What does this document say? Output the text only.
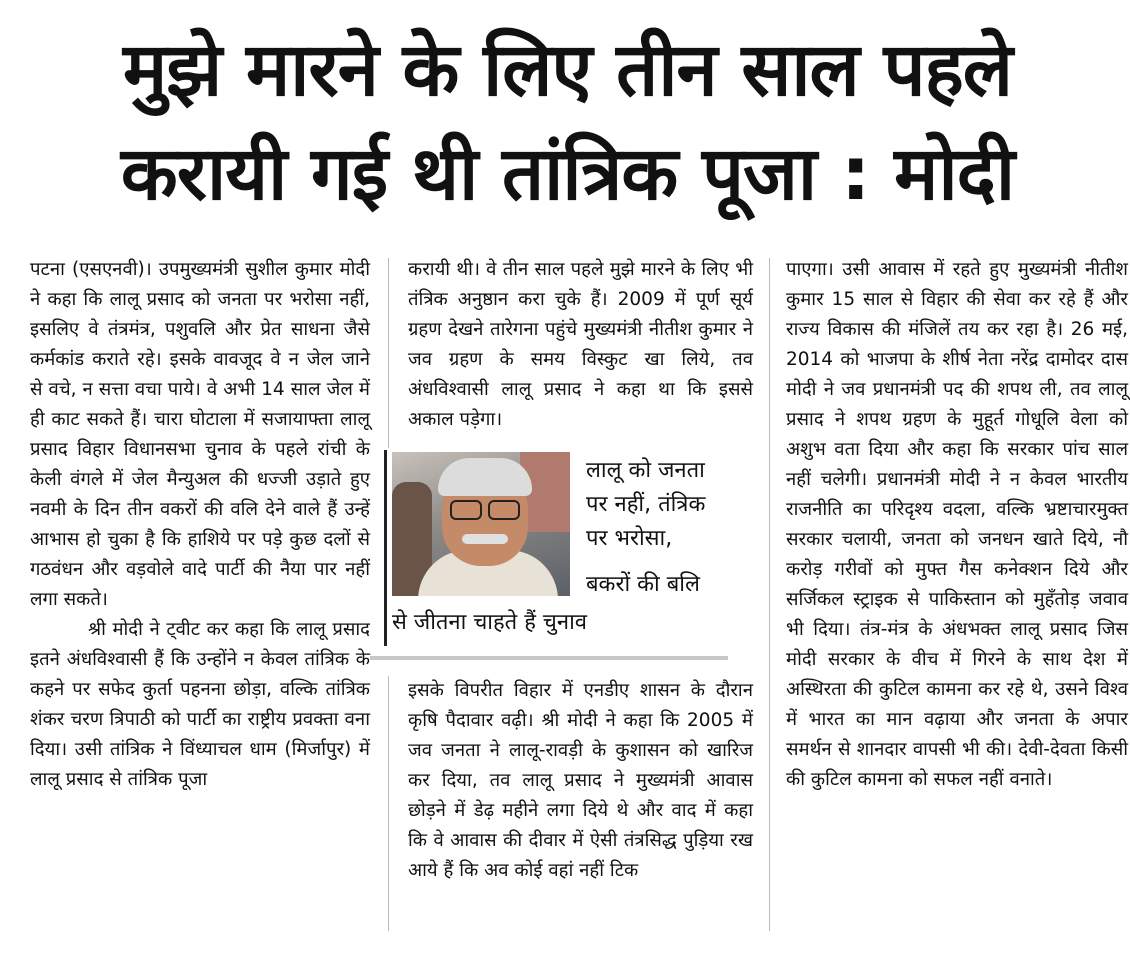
मुझे मारने के लिए तीन साल पहले
करायी गई थी तांत्रिक पूजा : मोदी

पटना (एसएनवी)। उपमुख्यमंत्री सुशील कुमार मोदी ने कहा कि लालू प्रसाद को जनता पर भरोसा नहीं, इसलिए वे तंत्रमंत्र, पशुवलि और प्रेत साधना जैसे कर्मकांड कराते रहे। इसके वावजूद वे न जेल जाने से वचे, न सत्ता वचा पाये। वे अभी 14 साल जेल में ही काट सकते हैं। चारा घोटाला में सजायाफ्ता लालू प्रसाद विहार विधानसभा चुनाव के पहले रांची के केली वंगले में जेल मैन्युअल की धज्जी उड़ाते हुए नवमी के दिन तीन वकरों की वलि देने वाले हैं उन्हें आभास हो चुका है कि हाशिये पर पड़े कुछ दलों से गठवंधन और वड़वोले वादे पार्टी की नैया पार नहीं लगा सकते।

श्री मोदी ने ट्वीट कर कहा कि लालू प्रसाद इतने अंधविश्वासी हैं कि उन्होंने न केवल तांत्रिक के कहने पर सफेद कुर्ता पहनना छोड़ा, वल्कि तांत्रिक शंकर चरण त्रिपाठी को पार्टी का राष्ट्रीय प्रवक्ता वना दिया। उसी तांत्रिक ने विंध्याचल धाम (मिर्जापुर) में लालू प्रसाद से तांत्रिक पूजा

करायी थी। वे तीन साल पहले मुझे मारने के लिए भी तंत्रिक अनुष्ठान करा चुके हैं। 2009 में पूर्ण सूर्य ग्रहण देखने तारेगना पहुंचे मुख्यमंत्री नीतीश कुमार ने जव ग्रहण के समय विस्कुट खा लिये, तव अंधविश्वासी लालू प्रसाद ने कहा था कि इससे अकाल पड़ेगा।

लालू को जनता
पर नहीं, तंत्रिक
पर भरोसा,
बकरों की बलि
से जीतना चाहते हैं चुनाव

इसके विपरीत विहार में एनडीए शासन के दौरान कृषि पैदावार वढ़ी। श्री मोदी ने कहा कि 2005 में जव जनता ने लालू-रावड़ी के कुशासन को खारिज कर दिया, तव लालू प्रसाद ने मुख्यमंत्री आवास छोड़ने में डेढ़ महीने लगा दिये थे और वाद में कहा कि वे आवास की दीवार में ऐसी तंत्रसिद्ध पुड़िया रख आये हैं कि अव कोई वहां नहीं टिक

पाएगा। उसी आवास में रहते हुए मुख्यमंत्री नीतीश कुमार 15 साल से विहार की सेवा कर रहे हैं और राज्य विकास की मंजिलें तय कर रहा है। 26 मई, 2014 को भाजपा के शीर्ष नेता नरेंद्र दामोदर दास मोदी ने जव प्रधानमंत्री पद की शपथ ली, तव लालू प्रसाद ने शपथ ग्रहण के मुहूर्त गोधूलि वेला को अशुभ वता दिया और कहा कि सरकार पांच साल नहीं चलेगी। प्रधानमंत्री मोदी ने न केवल भारतीय राजनीति का परिदृश्य वदला, वल्कि भ्रष्टाचारमुक्त सरकार चलायी, जनता को जनधन खाते दिये, नौ करोड़ गरीवों को मुफ्त गैस कनेक्शन दिये और सर्जिकल स्ट्राइक से पाकिस्तान को मुहँतोड़ जवाव भी दिया। तंत्र-मंत्र के अंधभक्त लालू प्रसाद जिस मोदी सरकार के वीच में गिरने के साथ देश में अस्थिरता की कुटिल कामना कर रहे थे, उसने विश्व में भारत का मान वढ़ाया और जनता के अपार समर्थन से शानदार वापसी भी की। देवी-देवता किसी की कुटिल कामना को सफल नहीं वनाते।
